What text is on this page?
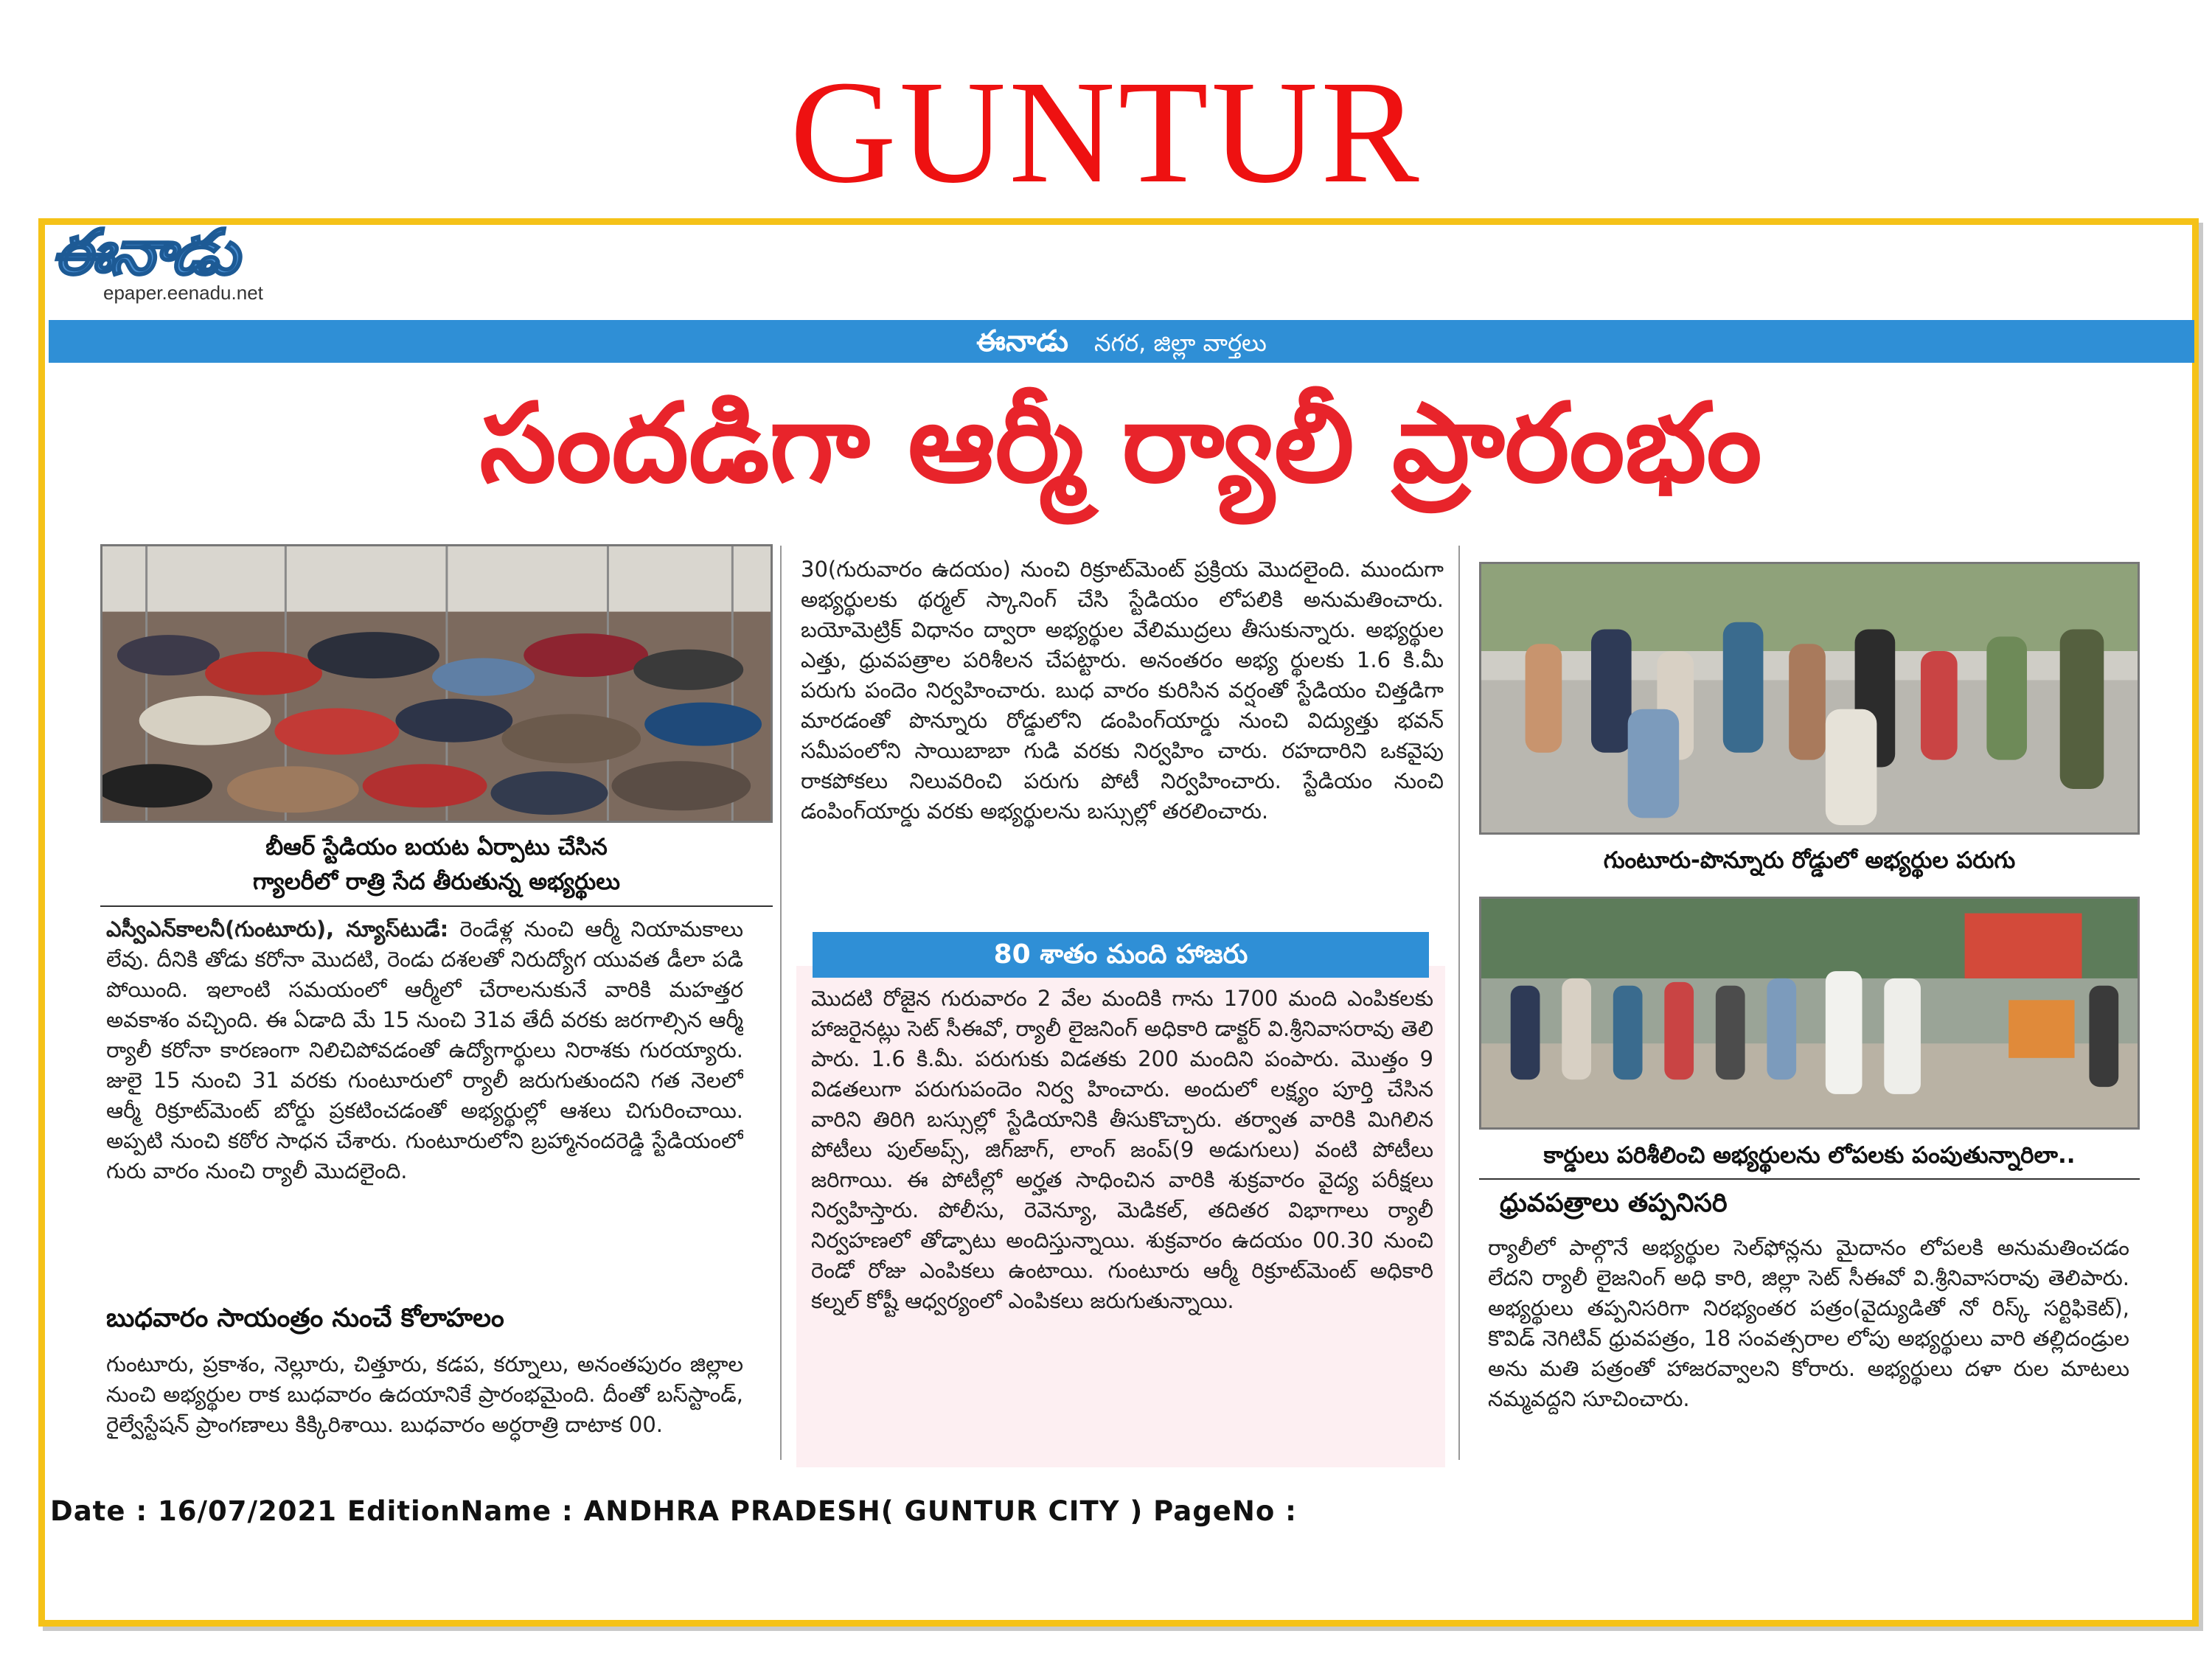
GUNTUR
ఈనాడు
epaper.eenadu.net
ఈనాడు నగర, జిల్లా వార్తలు
సందడిగా ఆర్మీ ర్యాలీ ప్రారంభం
బీఆర్ స్టేడియం బయట ఏర్పాటు చేసిన
గ్యాలరీలో రాత్రి సేద తీరుతున్న అభ్యర్థులు
ఎస్వీఎన్‌కాలనీ(గుంటూరు), న్యూస్‌టుడే: రెండేళ్ల నుంచి ఆర్మీ నియామకాలు లేవు. దీనికి తోడు కరోనా మొదటి, రెండు దశలతో నిరుద్యోగ యువత డీలా పడి పోయింది. ఇలాంటి సమయంలో ఆర్మీలో చేరాలనుకునే వారికి మహత్తర అవకాశం వచ్చింది. ఈ ఏడాది మే 15 నుంచి 31వ తేదీ వరకు జరగాల్సిన ఆర్మీ ర్యాలీ కరోనా కారణంగా నిలిచిపోవడంతో ఉద్యోగార్థులు నిరాశకు గురయ్యారు. జులై 15 నుంచి 31 వరకు గుంటూరులో ర్యాలీ జరుగుతుందని గత నెలలో ఆర్మీ రిక్రూట్‌మెంట్ బోర్డు ప్రకటించడంతో అభ్యర్థుల్లో ఆశలు చిగురించాయి. అప్పటి నుంచి కఠోర సాధన చేశారు. గుంటూరులోని బ్రహ్మానందరెడ్డి స్టేడియంలో గురు వారం నుంచి ర్యాలీ మొదలైంది.
బుధవారం సాయంత్రం నుంచే కోలాహలం
గుంటూరు, ప్రకాశం, నెల్లూరు, చిత్తూరు, కడప, కర్నూలు, అనంతపురం జిల్లాల నుంచి అభ్యర్థుల రాక బుధవారం ఉదయానికే ప్రారంభమైంది. దీంతో బస్‌స్టాండ్, రైల్వేస్టేషన్ ప్రాంగణాలు కిక్కిరిశాయి. బుధవారం అర్ధరాత్రి దాటాక 00.
30(గురువారం ఉదయం) నుంచి రిక్రూట్‌మెంట్ ప్రక్రియ మొదలైంది. ముందుగా అభ్యర్థులకు థర్మల్ స్కానింగ్ చేసి స్టేడియం లోపలికి అనుమతించారు. బయోమెట్రిక్ విధానం ద్వారా అభ్యర్థుల వేలిముద్రలు తీసుకున్నారు. అభ్యర్థుల ఎత్తు, ధ్రువపత్రాల పరిశీలన చేపట్టారు. అనంతరం అభ్య ర్థులకు 1.6 కి.మీ పరుగు పందెం నిర్వహించారు. బుధ వారం కురిసిన వర్షంతో స్టేడియం చిత్తడిగా మారడంతో పొన్నూరు రోడ్డులోని డంపింగ్‌యార్డు నుంచి విద్యుత్తు భవన్ సమీపంలోని సాయిబాబా గుడి వరకు నిర్వహిం చారు. రహదారిని ఒకవైపు రాకపోకలు నిలువరించి పరుగు పోటీ నిర్వహించారు. స్టేడియం నుంచి డంపింగ్‌యార్డు వరకు అభ్యర్థులను బస్సుల్లో తరలించారు.
80 శాతం మంది హాజరు
మొదటి రోజైన గురువారం 2 వేల మందికి గాను 1700 మంది ఎంపికలకు హాజరైనట్లు సెట్ సీఈవో, ర్యాలీ లైజనింగ్ అధికారి డాక్టర్ వి.శ్రీనివాసరావు తెలి పారు. 1.6 కి.మీ. పరుగుకు విడతకు 200 మందిని పంపారు. మొత్తం 9 విడతలుగా పరుగుపందెం నిర్వ హించారు. అందులో లక్ష్యం పూర్తి చేసిన వారిని తిరిగి బస్సుల్లో స్టేడియానికి తీసుకొచ్చారు. తర్వాత వారికి మిగిలిన పోటీలు పుల్‌అప్స్, జిగ్‌జాగ్, లాంగ్ జంప్(9 అడుగులు) వంటి పోటీలు జరిగాయి. ఈ పోటీల్లో అర్హత సాధించిన వారికి శుక్రవారం వైద్య పరీక్షలు నిర్వహిస్తారు. పోలీసు, రెవెన్యూ, మెడికల్, తదితర విభాగాలు ర్యాలీ నిర్వహణలో తోడ్పాటు అందిస్తున్నాయి. శుక్రవారం ఉదయం 00.30 నుంచి రెండో రోజు ఎంపికలు ఉంటాయి. గుంటూరు ఆర్మీ రిక్రూట్‌మెంట్ అధికారి కల్నల్ కోష్టీ ఆధ్వర్యంలో ఎంపికలు జరుగుతున్నాయి.
గుంటూరు-పొన్నూరు రోడ్డులో అభ్యర్థుల పరుగు
కార్డులు పరిశీలించి అభ్యర్థులను లోపలకు పంపుతున్నారిలా..
ధ్రువపత్రాలు తప్పనిసరి
ర్యాలీలో పాల్గొనే అభ్యర్థుల సెల్‌ఫోన్లను మైదానం లోపలకి అనుమతించడం లేదని ర్యాలీ లైజనింగ్ అధి కారి, జిల్లా సెట్ సీఈవో వి.శ్రీనివాసరావు తెలిపారు. అభ్యర్థులు తప్పనిసరిగా నిరభ్యంతర పత్రం(వైద్యుడితో నో రిస్క్ సర్టిఫికెట్), కొవిడ్ నెగిటివ్ ధ్రువపత్రం, 18 సంవత్సరాల లోపు అభ్యర్థులు వారి తల్లిదండ్రుల అను మతి పత్రంతో హాజరవ్వాలని కోరారు. అభ్యర్థులు దళా రుల మాటలు నమ్మవద్దని సూచించారు.
Date : 16/07/2021 EditionName : ANDHRA PRADESH( GUNTUR CITY ) PageNo :
